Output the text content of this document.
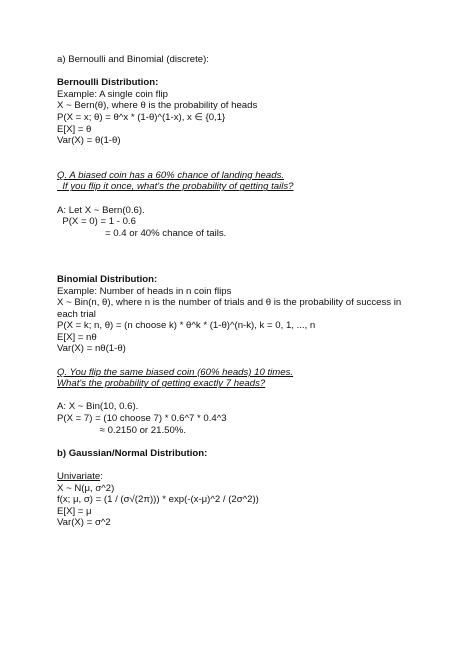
a) Bernoulli and Binomial (discrete):
Bernoulli Distribution:
Example: A single coin flip
X ~ Bern(θ), where θ is the probability of heads
P(X = x; θ) = θ^x * (1-θ)^(1-x), x ∈ {0,1}
E[X] = θ
Var(X) = θ(1-θ)
Q. A biased coin has a 60% chance of landing heads.
If you flip it once, what's the probability of getting tails?
A: Let X ~ Bern(0.6).
P(X = 0) = 1 - 0.6
= 0.4 or 40% chance of tails.
Binomial Distribution:
Example: Number of heads in n coin flips
X ~ Bin(n, θ), where n is the number of trials and θ is the probability of success in each trial
P(X = k; n, θ) = (n choose k) * θ^k * (1-θ)^(n-k), k = 0, 1, ..., n
E[X] = nθ
Var(X) = nθ(1-θ)
Q. You flip the same biased coin (60% heads) 10 times.
What's the probability of getting exactly 7 heads?
A: X ~ Bin(10, 0.6).
P(X = 7) = (10 choose 7) * 0.6^7 * 0.4^3
≈ 0.2150 or 21.50%.
b) Gaussian/Normal Distribution:
Univariate:
X ~ N(μ, σ^2)
f(x; μ, σ) = (1 / (σ√(2π))) * exp(-(x-μ)^2 / (2σ^2))
E[X] = μ
Var(X) = σ^2
